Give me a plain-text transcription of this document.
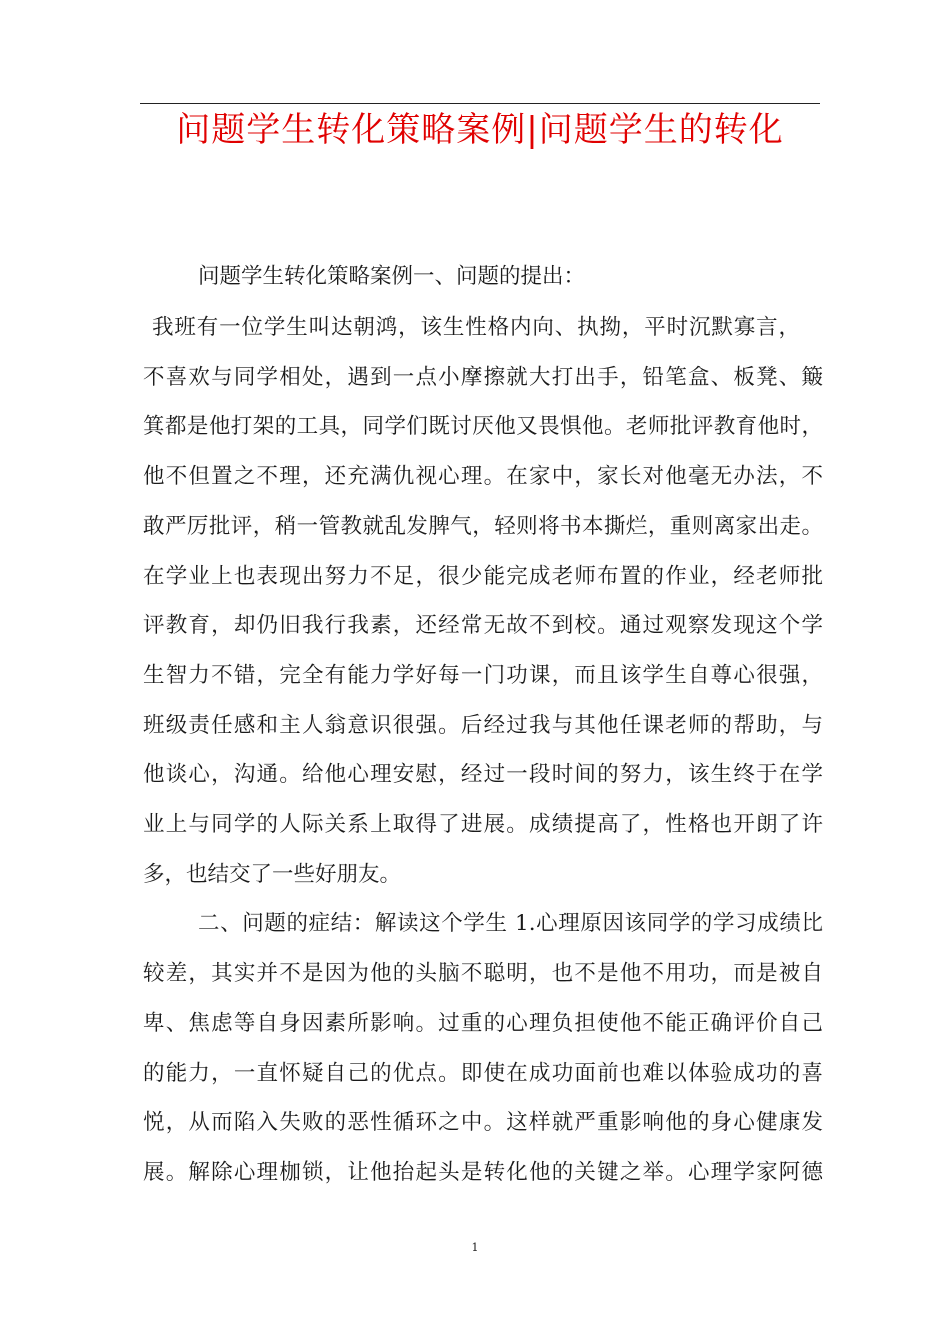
问题学生转化策略案例|问题学生的转化

问题学生转化策略案例一、问题的提出：

我班有一位学生叫达朝鸿，该生性格内向、执拗，平时沉默寡言，

不喜欢与同学相处，遇到一点小摩擦就大打出手，铅笔盒、板凳、簸

箕都是他打架的工具，同学们既讨厌他又畏惧他。老师批评教育他时，

他不但置之不理，还充满仇视心理。在家中，家长对他毫无办法，不

敢严厉批评，稍一管教就乱发脾气，轻则将书本撕烂，重则离家出走。

在学业上也表现出努力不足，很少能完成老师布置的作业，经老师批

评教育，却仍旧我行我素，还经常无故不到校。通过观察发现这个学

生智力不错，完全有能力学好每一门功课，而且该学生自尊心很强，

班级责任感和主人翁意识很强。后经过我与其他任课老师的帮助，与

他谈心，沟通。给他心理安慰，经过一段时间的努力，该生终于在学

业上与同学的人际关系上取得了进展。成绩提高了，性格也开朗了许

多，也结交了一些好朋友。

二、问题的症结：解读这个学生 1.心理原因该同学的学习成绩比

较差，其实并不是因为他的头脑不聪明，也不是他不用功，而是被自

卑、焦虑等自身因素所影响。过重的心理负担使他不能正确评价自己

的能力，一直怀疑自己的优点。即使在成功面前也难以体验成功的喜

悦，从而陷入失败的恶性循环之中。这样就严重影响他的身心健康发

展。解除心理枷锁，让他抬起头是转化他的关键之举。心理学家阿德

1
